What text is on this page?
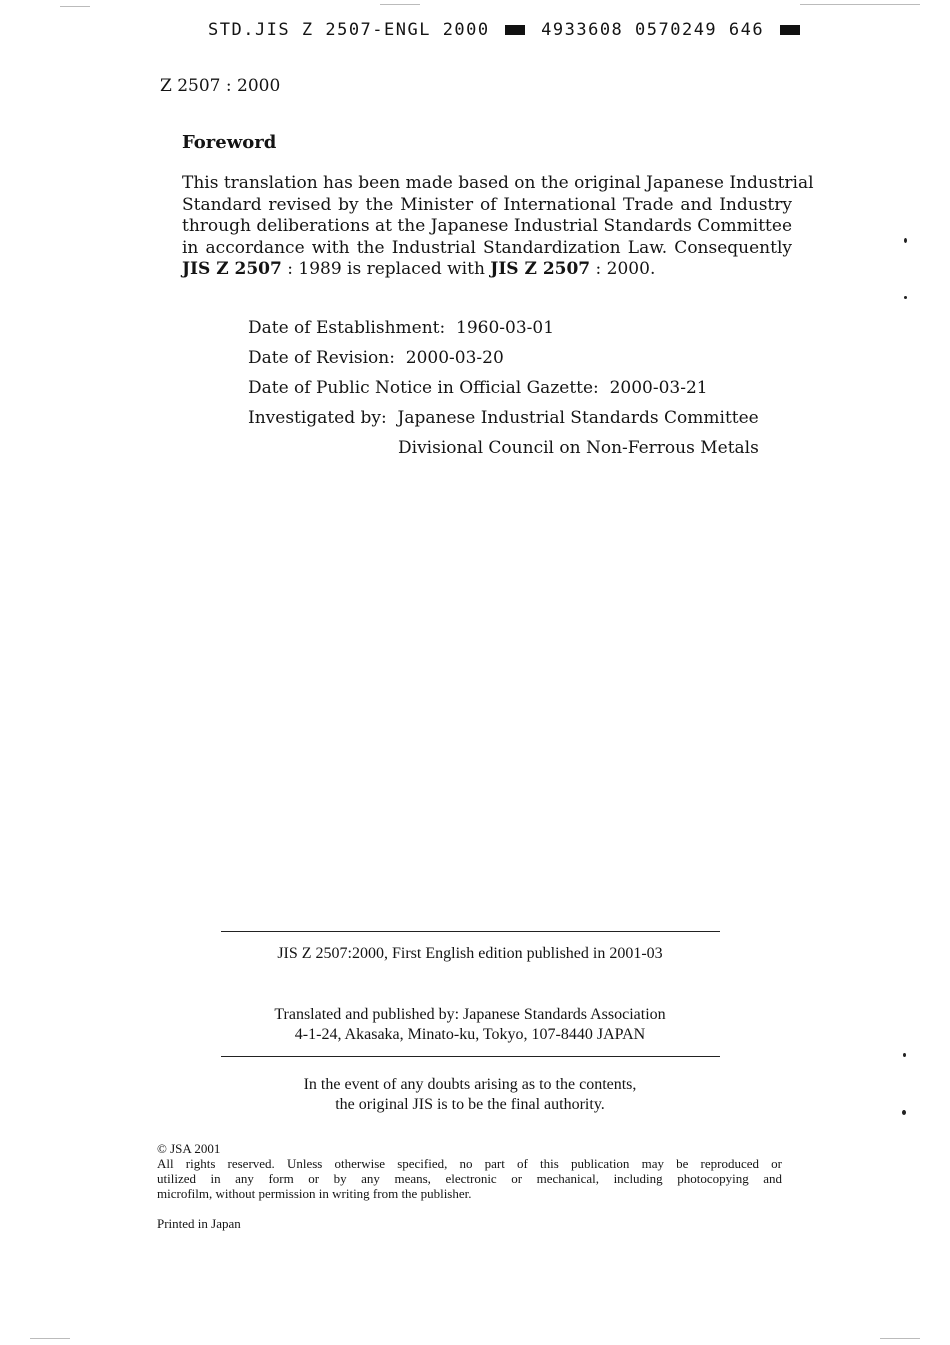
STD.JIS Z 2507-ENGL 2000	4933608 0570249 646
Z 2507 : 2000
Foreword
This translation has been made based on the original Japanese Industrial
Standard revised by the Minister of International Trade and Industry
through deliberations at the Japanese Industrial Standards Committee
in accordance with the Industrial Standardization Law. Consequently
JIS Z 2507 : 1989 is replaced with JIS Z 2507 : 2000.
Date of Establishment: 1960-03-01
Date of Revision: 2000-03-20
Date of Public Notice in Official Gazette: 2000-03-21
Investigated by: Japanese Industrial Standards Committee
Divisional Council on Non-Ferrous Metals
JIS Z 2507:2000, First English edition published in 2001-03
Translated and published by: Japanese Standards Association
4-1-24, Akasaka, Minato-ku, Tokyo, 107-8440 JAPAN
In the event of any doubts arising as to the contents,
the original JIS is to be the final authority.
© JSA 2001
All rights reserved. Unless otherwise specified, no part of this publication may be reproduced or
utilized in any form or by any means, electronic or mechanical, including photocopying and
microfilm, without permission in writing from the publisher.
Printed in Japan
